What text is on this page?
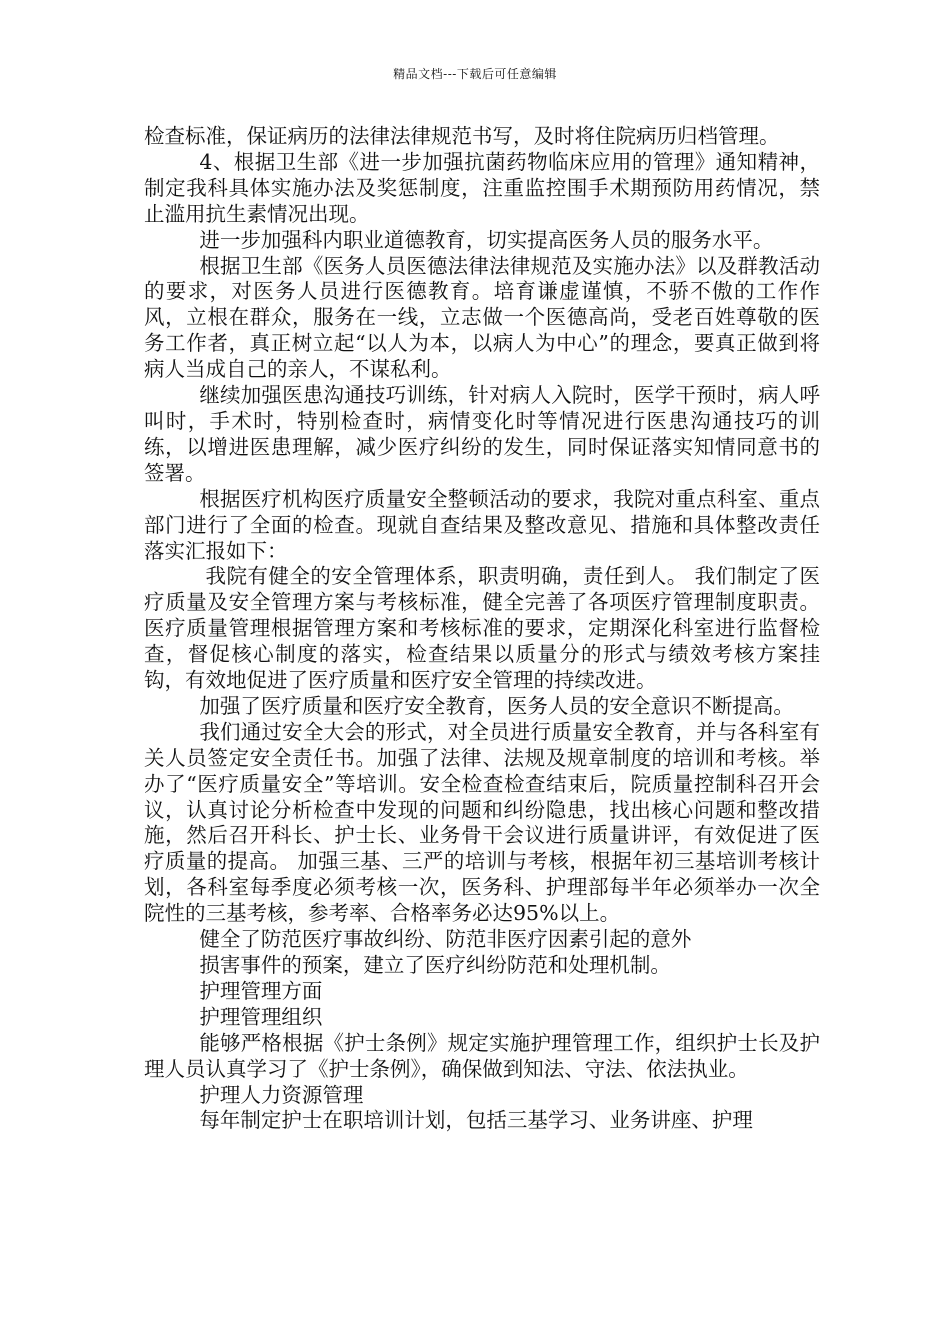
精品文档---下载后可任意编辑

检查标准，保证病历的法律法律规范书写，及时将住院病历归档管理。

4、根据卫生部《进一步加强抗菌药物临床应用的管理》通知精神，制定我科具体实施办法及奖惩制度，注重监控围手术期预防用药情况，禁止滥用抗生素情况出现。

进一步加强科内职业道德教育，切实提高医务人员的服务水平。

根据卫生部《医务人员医德法律法律规范及实施办法》以及群教活动的要求，对医务人员进行医德教育。培育谦虚谨慎，不骄不傲的工作作风，立根在群众，服务在一线，立志做一个医德高尚，受老百姓尊敬的医务工作者，真正树立起“以人为本，以病人为中心”的理念，要真正做到将病人当成自己的亲人，不谋私利。

继续加强医患沟通技巧训练，针对病人入院时，医学干预时，病人呼叫时，手术时，特别检查时，病情变化时等情况进行医患沟通技巧的训练，以增进医患理解，减少医疗纠纷的发生，同时保证落实知情同意书的签署。

根据医疗机构医疗质量安全整顿活动的要求，我院对重点科室、重点部门进行了全面的检查。现就自查结果及整改意见、措施和具体整改责任落实汇报如下：

我院有健全的安全管理体系，职责明确，责任到人。 我们制定了医疗质量及安全管理方案与考核标准，健全完善了各项医疗管理制度职责。医疗质量管理根据管理方案和考核标准的要求，定期深化科室进行监督检查，督促核心制度的落实，检查结果以质量分的形式与绩效考核方案挂钩，有效地促进了医疗质量和医疗安全管理的持续改进。

加强了医疗质量和医疗安全教育，医务人员的安全意识不断提高。

我们通过安全大会的形式，对全员进行质量安全教育，并与各科室有关人员签定安全责任书。加强了法律、法规及规章制度的培训和考核。举办了“医疗质量安全”等培训。安全检查检查结束后，院质量控制科召开会议，认真讨论分析检查中发现的问题和纠纷隐患，找出核心问题和整改措施，然后召开科长、护士长、业务骨干会议进行质量讲评，有效促进了医疗质量的提高。 加强三基、三严的培训与考核，根据年初三基培训考核计划，各科室每季度必须考核一次，医务科、护理部每半年必须举办一次全院性的三基考核，参考率、合格率务必达95%以上。

健全了防范医疗事故纠纷、防范非医疗因素引起的意外

损害事件的预案，建立了医疗纠纷防范和处理机制。

护理管理方面

护理管理组织

能够严格根据《护士条例》规定实施护理管理工作，组织护士长及护理人员认真学习了《护士条例》，确保做到知法、守法、依法执业。

护理人力资源管理

每年制定护士在职培训计划，包括三基学习、业务讲座、护理
